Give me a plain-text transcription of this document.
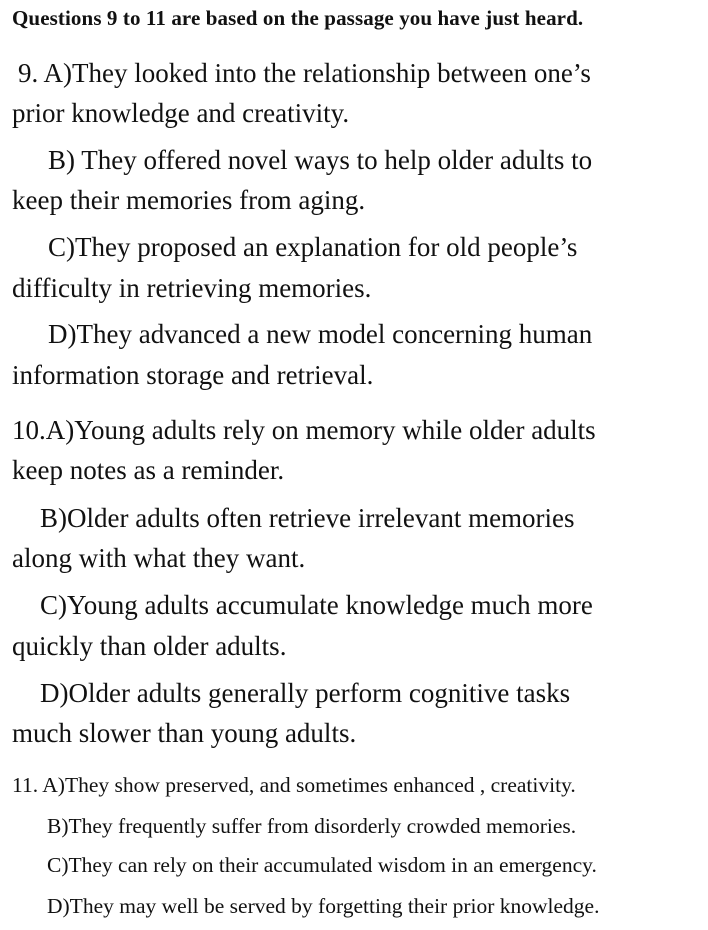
Questions 9 to 11 are based on the passage you have just heard.
9. A)They looked into the relationship between one’s
prior knowledge and creativity.
B) They offered novel ways to help older adults to
keep their memories from aging.
C)They proposed an explanation for old people’s
difficulty in retrieving memories.
D)They advanced a new model concerning human
information storage and retrieval.
10.A)Young adults rely on memory while older adults
keep notes as a reminder.
B)Older adults often retrieve irrelevant memories
along with what they want.
C)Young adults accumulate knowledge much more
quickly than older adults.
D)Older adults generally perform cognitive tasks
much slower than young adults.
11. A)They show preserved, and sometimes enhanced , creativity.
B)They frequently suffer from disorderly crowded memories.
C)They can rely on their accumulated wisdom in an emergency.
D)They may well be served by forgetting their prior knowledge.
